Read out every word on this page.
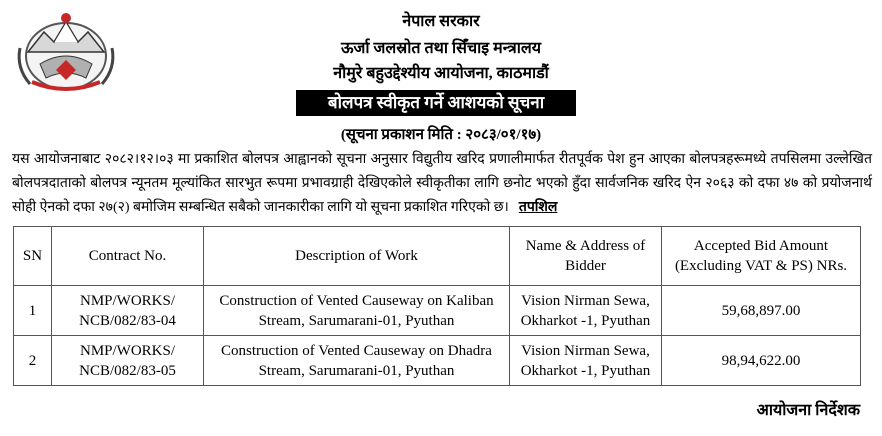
नेपाल सरकार
ऊर्जा जलस्रोत तथा सिँचाइ मन्त्रालय
नौमुरे बहुउद्देश्यीय आयोजना, काठमाडौं
बोलपत्र स्वीकृत गर्ने आशयको सूचना
(सूचना प्रकाशन मिति : २०८३/०१/१७)
यस आयोजनाबाट २०८२।१२।०३ मा प्रकाशित बोलपत्र आह्वानको सूचना अनुसार विद्युतीय खरिद प्रणालीमार्फत रीतपूर्वक पेश हुन आएका बोलपत्रहरूमध्ये तपसिलमा उल्लेखित बोलपत्रदाताको बोलपत्र न्यूनतम मूल्यांकित सारभुत रूपमा प्रभावग्राही देखिएकोले स्वीकृतीका लागि छनोट भएको हुँदा सार्वजनिक खरिद ऐन २०६३ को दफा ४७ को प्रयोजनार्थ सोही ऐनको दफा २७(२) बमोजिम सम्बन्धित सबैको जानकारीका लागि यो सूचना प्रकाशित गरिएको छ। तपशिल
SN	Contract No.	Description of Work	Name & Address of Bidder	Accepted Bid Amount (Excluding VAT & PS) NRs.
1	NMP/WORKS/ NCB/082/83-04	Construction of Vented Causeway on Kaliban Stream, Sarumarani-01, Pyuthan	Vision Nirman Sewa, Okharkot -1, Pyuthan	59,68,897.00
2	NMP/WORKS/ NCB/082/83-05	Construction of Vented Causeway on Dhadra Stream, Sarumarani-01, Pyuthan	Vision Nirman Sewa, Okharkot -1, Pyuthan	98,94,622.00
आयोजना निर्देशक
